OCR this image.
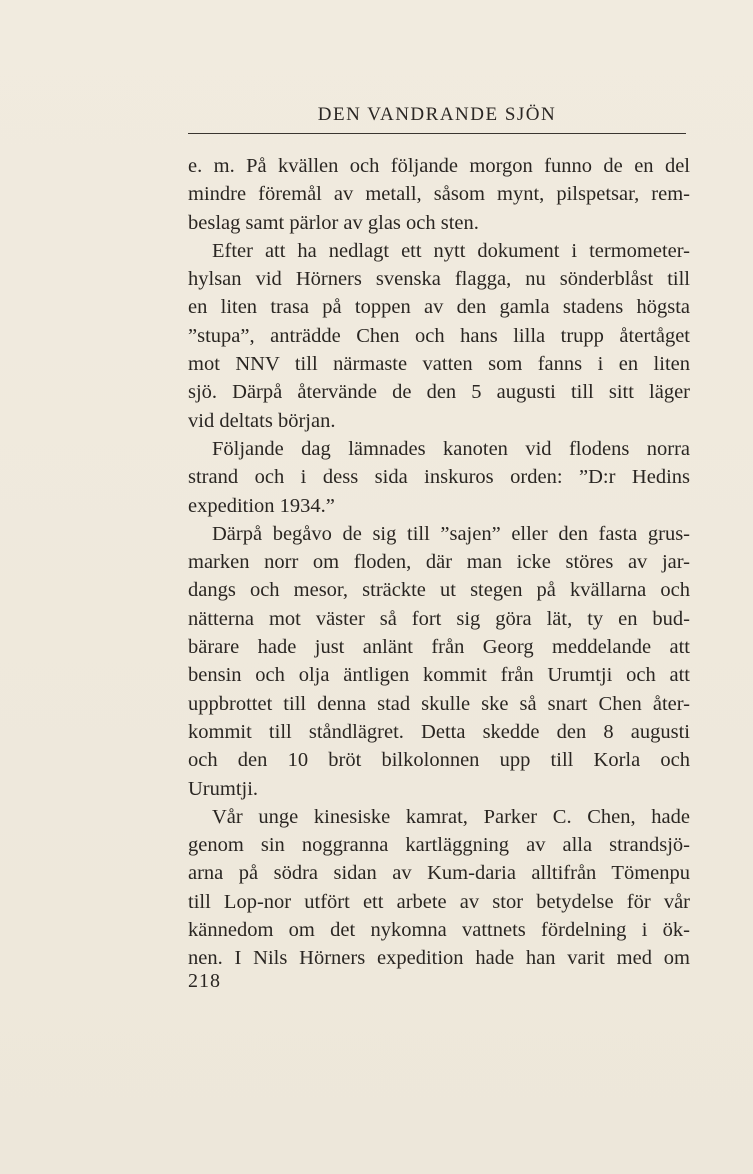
DEN VANDRANDE SJÖN
e. m. På kvällen och följande morgon funno de en del
mindre föremål av metall, såsom mynt, pilspetsar, rem-
beslag samt pärlor av glas och sten.
Efter att ha nedlagt ett nytt dokument i termometer-
hylsan vid Hörners svenska flagga, nu sönderblåst till
en liten trasa på toppen av den gamla stadens högsta
”stupa”, anträdde Chen och hans lilla trupp återtåget
mot NNV till närmaste vatten som fanns i en liten
sjö. Därpå återvände de den 5 augusti till sitt läger
vid deltats början.
Följande dag lämnades kanoten vid flodens norra
strand och i dess sida inskuros orden: ”D:r Hedins
expedition 1934.”
Därpå begåvo de sig till ”sajen” eller den fasta grus-
marken norr om floden, där man icke störes av jar-
dangs och mesor, sträckte ut stegen på kvällarna och
nätterna mot väster så fort sig göra lät, ty en bud-
bärare hade just anlänt från Georg meddelande att
bensin och olja äntligen kommit från Urumtji och att
uppbrottet till denna stad skulle ske så snart Chen åter-
kommit till ståndlägret. Detta skedde den 8 augusti
och den 10 bröt bilkolonnen upp till Korla och
Urumtji.
Vår unge kinesiske kamrat, Parker C. Chen, hade
genom sin noggranna kartläggning av alla strandsjö-
arna på södra sidan av Kum-daria alltifrån Tömenpu
till Lop-nor utfört ett arbete av stor betydelse för vår
kännedom om det nykomna vattnets fördelning i ök-
nen. I Nils Hörners expedition hade han varit med om
218
